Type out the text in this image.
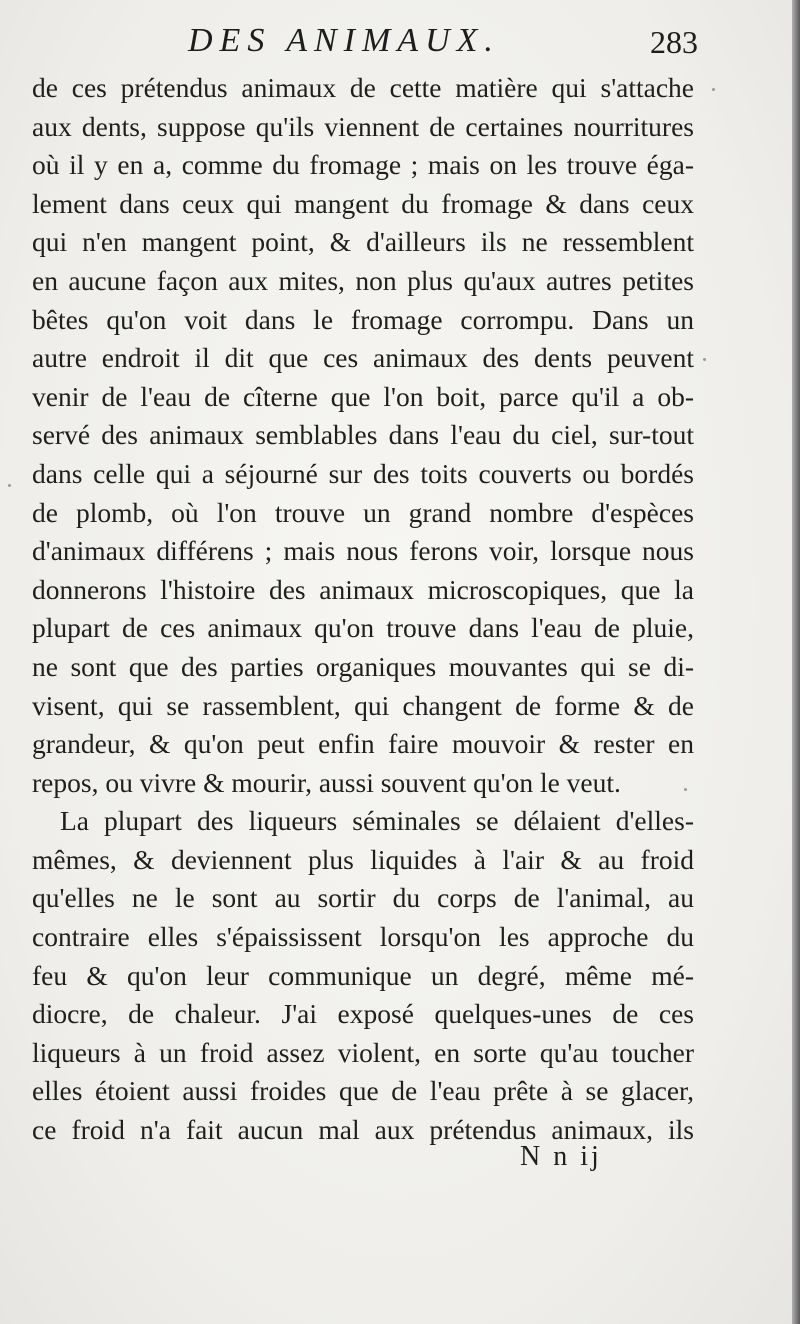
DES ANIMAUX.	283
de ces prétendus animaux de cette matière qui s'attache
aux dents, suppose qu'ils viennent de certaines nourritures
où il y en a, comme du fromage ; mais on les trouve éga-
lement dans ceux qui mangent du fromage & dans ceux
qui n'en mangent point, & d'ailleurs ils ne ressemblent
en aucune façon aux mites, non plus qu'aux autres petites
bêtes qu'on voit dans le fromage corrompu. Dans un
autre endroit il dit que ces animaux des dents peuvent
venir de l'eau de cîterne que l'on boit, parce qu'il a ob-
servé des animaux semblables dans l'eau du ciel, sur-tout
dans celle qui a séjourné sur des toits couverts ou bordés
de plomb, où l'on trouve un grand nombre d'espèces
d'animaux différens ; mais nous ferons voir, lorsque nous
donnerons l'histoire des animaux microscopiques, que la
plupart de ces animaux qu'on trouve dans l'eau de pluie,
ne sont que des parties organiques mouvantes qui se di-
visent, qui se rassemblent, qui changent de forme & de
grandeur, & qu'on peut enfin faire mouvoir & rester en
repos, ou vivre & mourir, aussi souvent qu'on le veut.
La plupart des liqueurs séminales se délaient d'elles-
mêmes, & deviennent plus liquides à l'air & au froid
qu'elles ne le sont au sortir du corps de l'animal, au
contraire elles s'épaississent lorsqu'on les approche du
feu & qu'on leur communique un degré, même mé-
diocre, de chaleur. J'ai exposé quelques-unes de ces
liqueurs à un froid assez violent, en sorte qu'au toucher
elles étoient aussi froides que de l'eau prête à se glacer,
ce froid n'a fait aucun mal aux prétendus animaux, ils
N n ij
